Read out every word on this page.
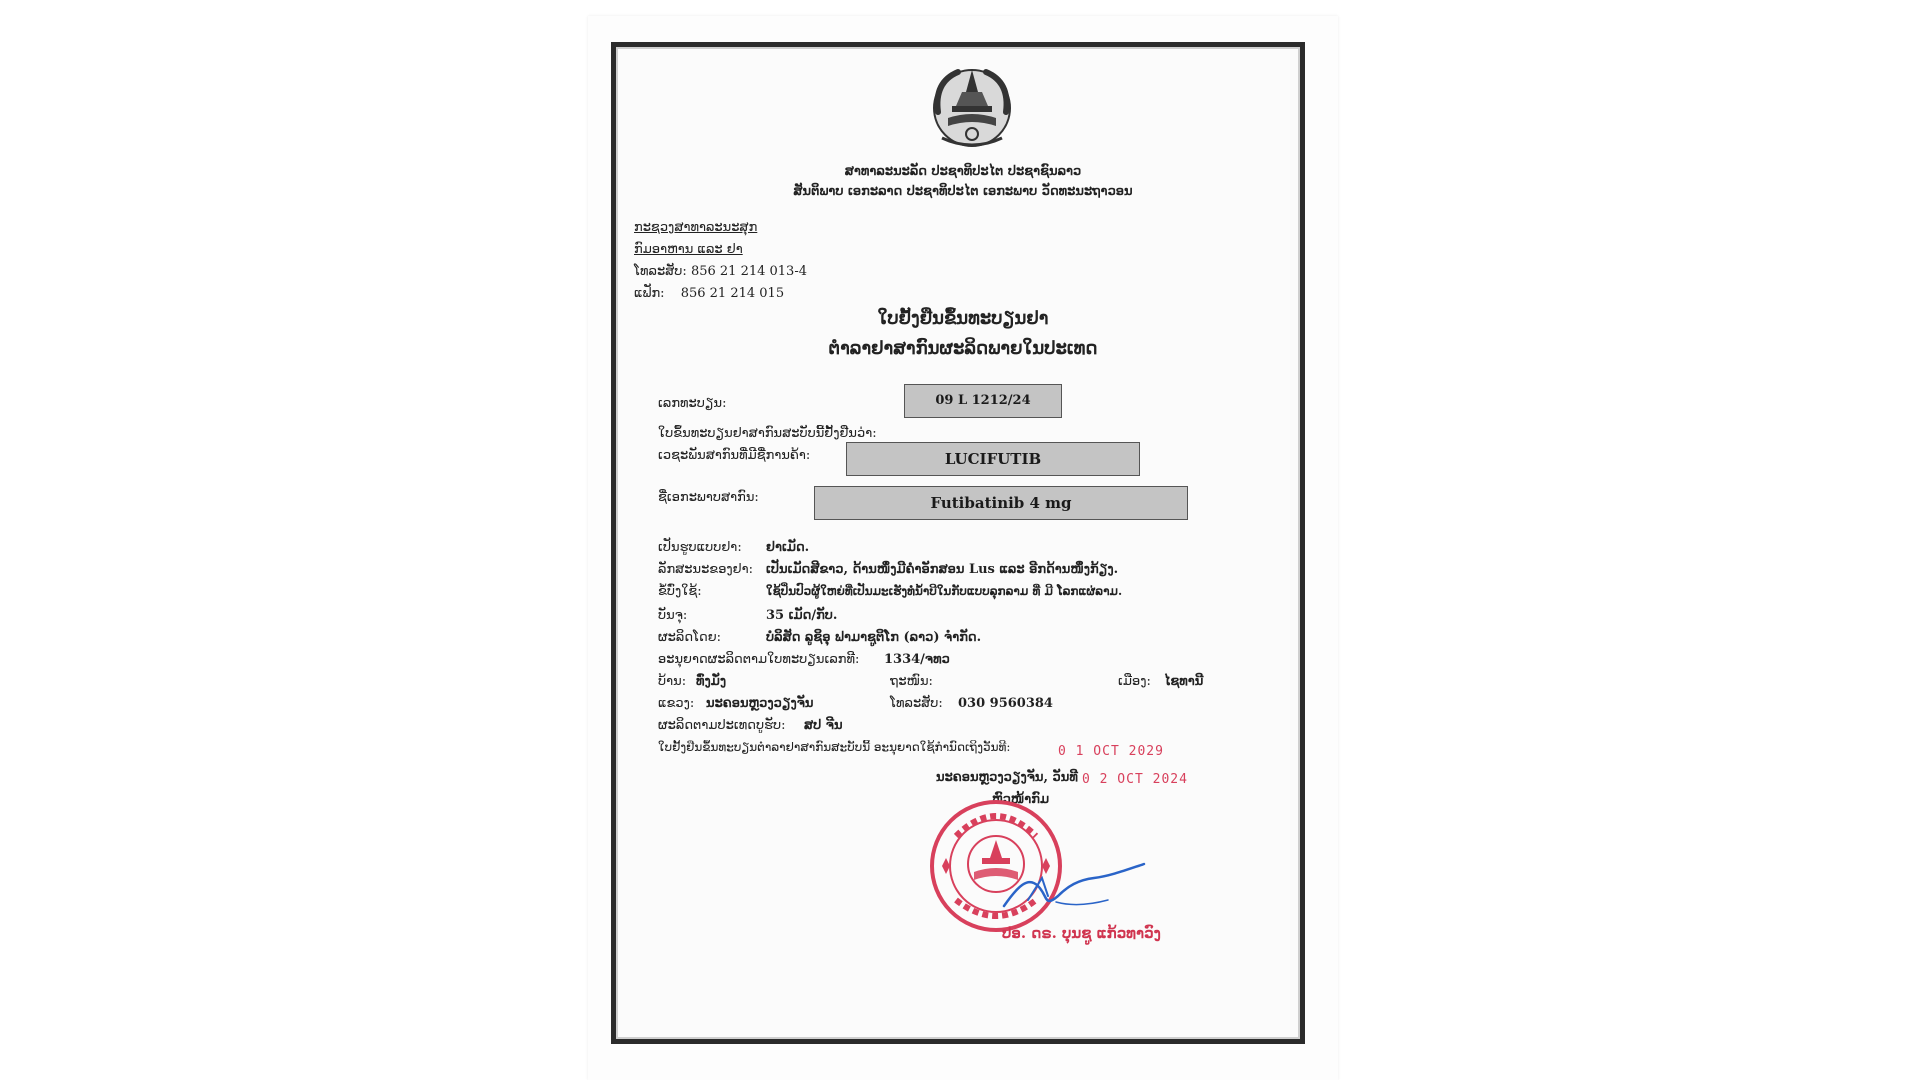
ສາທາລະນະລັດ ປະຊາທິປະໄຕ ປະຊາຊົນລາວ
ສັນຕິພາບ ເອກະລາດ ປະຊາທິປະໄຕ ເອກະພາບ ວັດທະນະຖາວອນ
ກະຊວງສາທາລະນະສຸກ
ກົມອາຫານ ແລະ ຢາ
ໂທລະສັບ: 856 21 214 013-4
ແຟັກ: 856 21 214 015
ໃບຢັ້ງຢືນຂຶ້ນທະບຽນຢາ
ຕຳລາຢາສາກົນຜະລິດພາຍໃນປະເທດ
ເລກທະບຽນ:	09 L 1212/24
ໃບຂຶ້ນທະບຽນຢາສາກົນສະບັບນີ້ຢັ້ງຢືນວ່າ:
ເວຊະພັນສາກົນທີ່ມີຊື່ການຄ້າ:	LUCIFUTIB
ຊື່ເອກະພາບສາກົນ:	Futibatinib 4 mg
ເປັນຮູບແບບຢາ: ຢາເມັດ.
ລັກສະນະຂອງຢາ: ເປັນເມັດສີຂາວ, ດ້ານໜຶ່ງມີຄຳອັກສອນ Lus ແລະ ອີກດ້ານໜຶ່ງກ້ຽງ.
ຂໍ້ບົ່ງໃຊ້:	ໃຊ້ປິ່ນປົວຜູ້ໃຫຍ່ທີ່ເປັນມະເຮັງທໍ່ນ້ຳບີໃນກັບແບບລຸກລາມ ທີ່ ມີ ໂລກແຜ່ລາມ.
ບັນຈຸ:	35 ເມັດ/ກັບ.
ຜະລິດໂດຍ:	ບໍລິສັດ ລູຊິອຸ ຟາມາຊູຕິໂກ (ລາວ) ຈຳກັດ.
ອະນຸຍາດຜະລິດຕາມໃບທະບຽນເລກທີ: 1334/ຈທວ
ບ້ານ: ທົ່ງມັ່ງ	ຖະໜົນ:	ເມືອງ: ໄຊທານີ
ແຂວງ: ນະຄອນຫຼວງວຽງຈັນ	ໂທລະສັບ: 030 9560384
ຜະລິດຕາມປະເທດບູຮັບ: ສປ ຈີນ
ໃບຢັ້ງຢືນຂຶ້ນທະບຽນຕຳລາຢາສາກົນສະບັບນີ້ ອະນຸຍາດໃຊ້ກຳນົດເຖິງວັນທີ:	0 1 OCT 2029
ນະຄອນຫຼວງວຽງຈັນ, ວັນທີ 0 2 OCT 2024
ຫົວໜ້າກົມ
ປອ. ດຣ. ບຸນຊູ ແກ້ວທາວົງ
